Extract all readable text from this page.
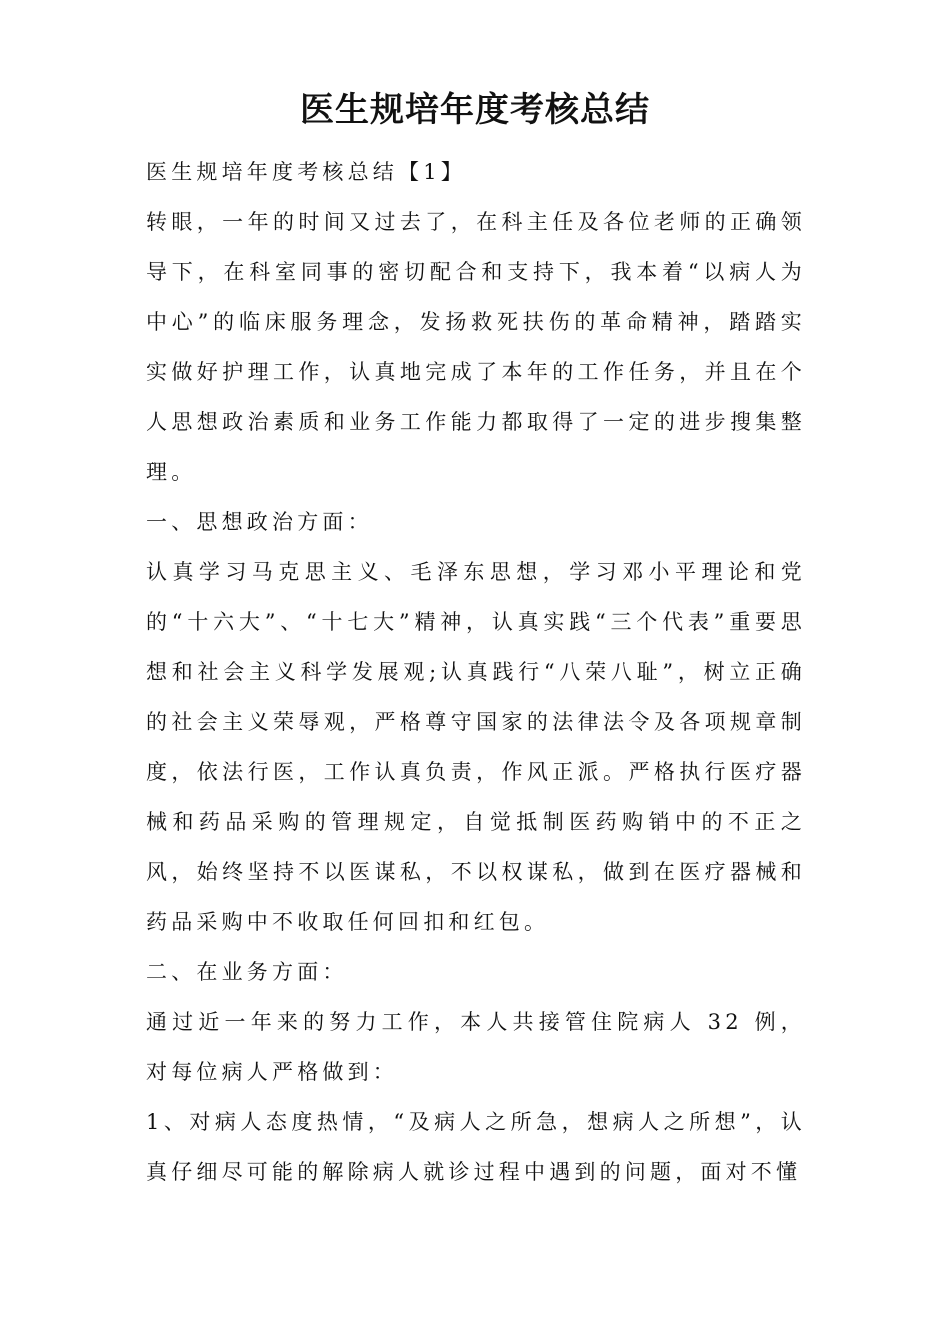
医生规培年度考核总结

医生规培年度考核总结【1】

转眼，一年的时间又过去了，在科主任及各位老师的正确领导下，在科室同事的密切配合和支持下，我本着“以病人为中心”的临床服务理念，发扬救死扶伤的革命精神，踏踏实实做好护理工作，认真地完成了本年的工作任务，并且在个人思想政治素质和业务工作能力都取得了一定的进步搜集整理。

一、思想政治方面：

认真学习马克思主义、毛泽东思想，学习邓小平理论和党的“十六大”、“十七大”精神，认真实践“三个代表”重要思想和社会主义科学发展观;认真践行“八荣八耻”，树立正确的社会主义荣辱观，严格尊守国家的法律法令及各项规章制度，依法行医，工作认真负责，作风正派。严格执行医疗器械和药品采购的管理规定，自觉抵制医药购销中的不正之风，始终坚持不以医谋私，不以权谋私，做到在医疗器械和药品采购中不收取任何回扣和红包。

二、在业务方面：

通过近一年来的努力工作，本人共接管住院病人 32 例，对每位病人严格做到：

1、对病人态度热情，“及病人之所急，想病人之所想”，认真仔细尽可能的解除病人就诊过程中遇到的问题，面对不懂
